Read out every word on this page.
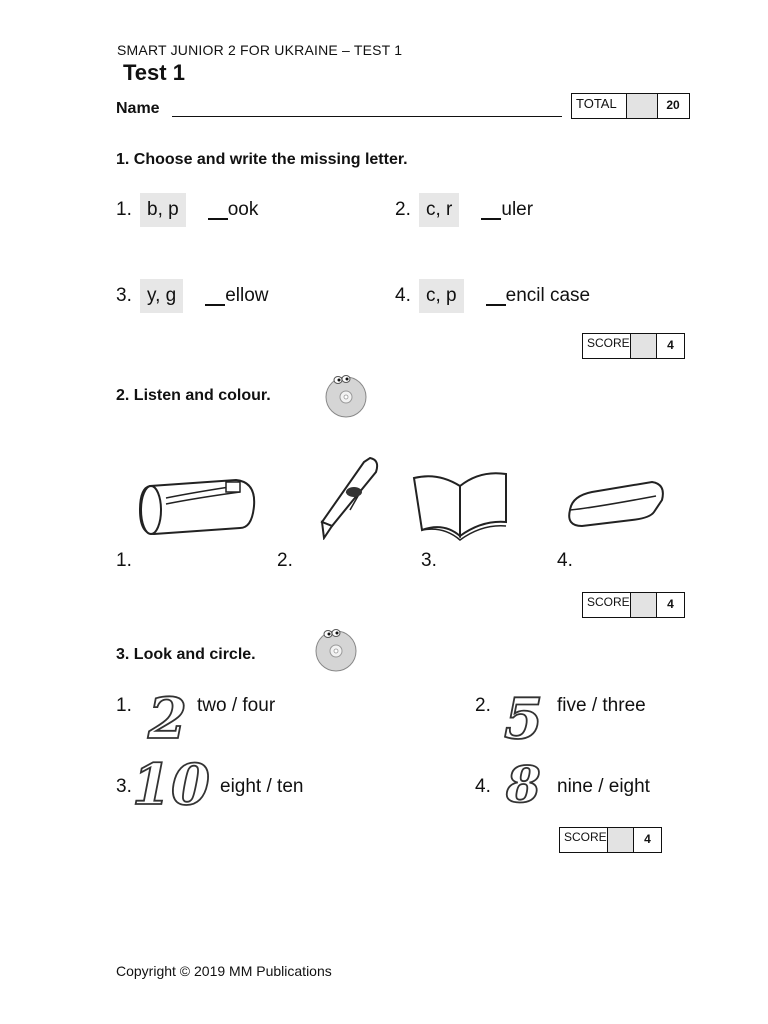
SMART JUNIOR 2 FOR UKRAINE – TEST 1
Test 1
Name	TOTAL	20
1. Choose and write the missing letter.
1. b, p	ook	2. c, r	uler
3. y, g	ellow	4. c, p	encil case
SCORE	4
2. Listen and colour.
1.	2.	3.	4.
SCORE	4
3. Look and circle.
1. 2 two / four	2. 5 five / three
3. 10 eight / ten	4. 8 nine / eight
SCORE	4
Copyright © 2019 MM Publications
